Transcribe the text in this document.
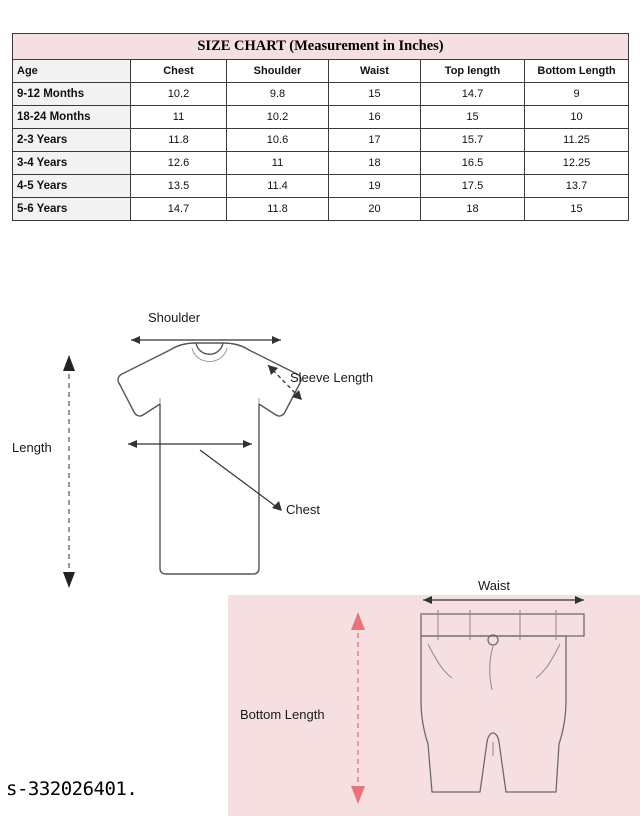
SIZE CHART (Measurement in Inches)					
Age	Chest	Shoulder	Waist	Top length	Bottom Length
9-12 Months	10.2	9.8	15	14.7	9
18-24 Months	11	10.2	16	15	10
2-3 Years	11.8	10.6	17	15.7	11.25
3-4 Years	12.6	11	18	16.5	12.25
4-5 Years	13.5	11.4	19	17.5	13.7
5-6 Years	14.7	11.8	20	18	15
Shoulder
Sleeve Length
Length
Chest
Waist
Bottom Length
s-332026401.
